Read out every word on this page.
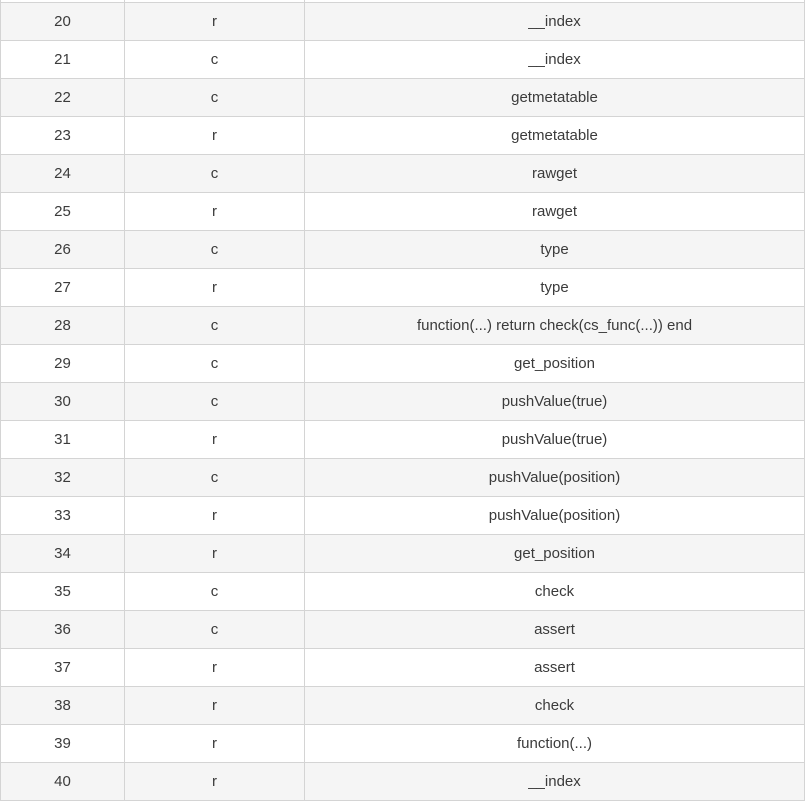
20	r	__index
21	c	__index
22	c	getmetatable
23	r	getmetatable
24	c	rawget
25	r	rawget
26	c	type
27	r	type
28	c	function(...) return check(cs_func(...)) end
29	c	get_position
30	c	pushValue(true)
31	r	pushValue(true)
32	c	pushValue(position)
33	r	pushValue(position)
34	r	get_position
35	c	check
36	c	assert
37	r	assert
38	r	check
39	r	function(...)
40	r	__index
